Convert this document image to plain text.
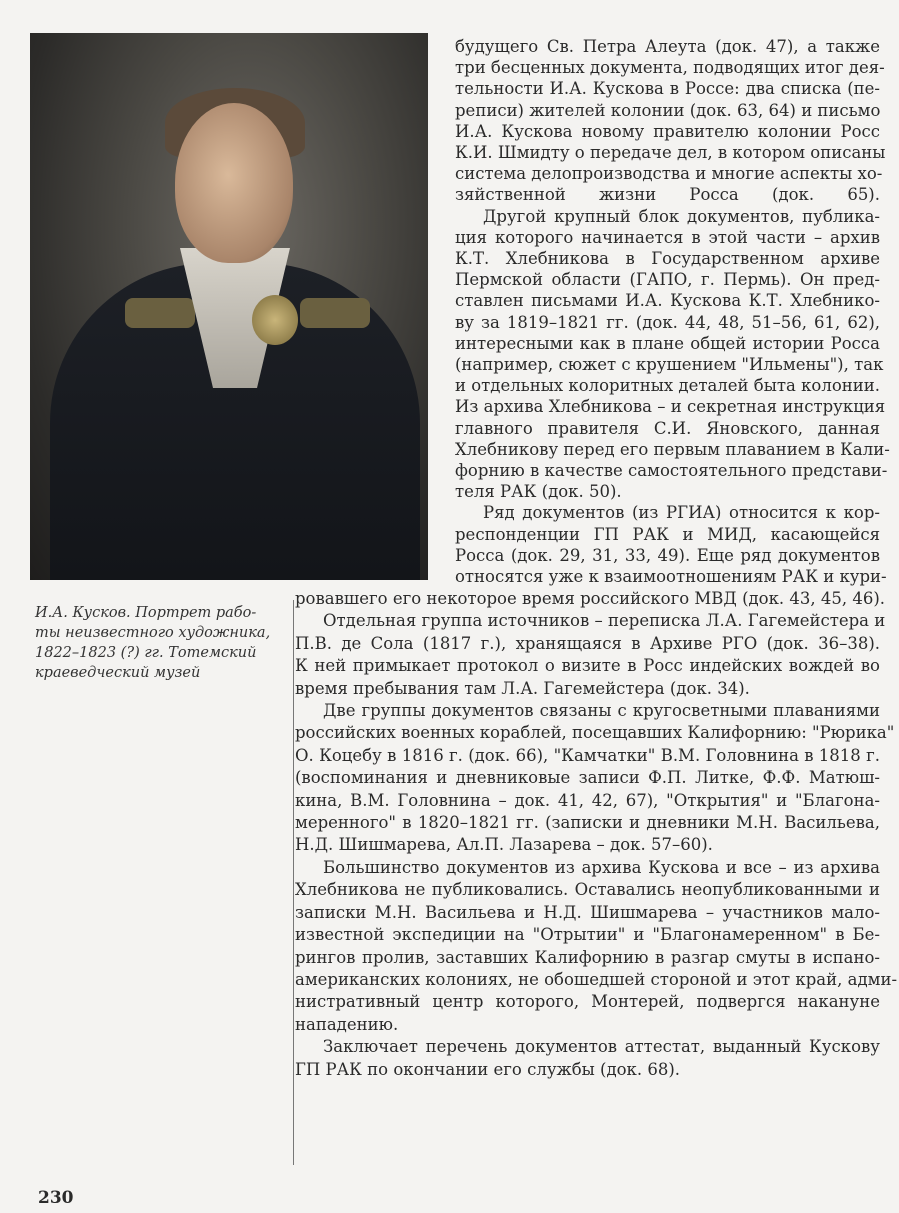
И.А. Кусков. Портрет рабо-
ты неизвестного художника,
1822–1823 (?) гг. Тотемский
краеведческий музей
будущего Св. Петра Алеута (док. 47), а также
три бесценных документа, подводящих итог дея-
тельности И.А. Кускова в Россе: два списка (пе-
реписи) жителей колонии (док. 63, 64) и письмо
И.А. Кускова новому правителю колонии Росс
К.И. Шмидту о передаче дел, в котором описаны
система делопроизводства и многие аспекты хо-
зяйственной жизни Росса (док. 65).
Другой крупный блок документов, публика-
ция которого начинается в этой части – архив
К.Т. Хлебникова в Государственном архиве
Пермской области (ГАПО, г. Пермь). Он пред-
ставлен письмами И.А. Кускова К.Т. Хлебнико-
ву за 1819–1821 гг. (док. 44, 48, 51–56, 61, 62),
интересными как в плане общей истории Росса
(например, сюжет с крушением "Ильмены"), так
и отдельных колоритных деталей быта колонии.
Из архива Хлебникова – и секретная инструкция
главного правителя С.И. Яновского, данная
Хлебникову перед его первым плаванием в Кали-
форнию в качестве самостоятельного представи-
теля РАК (док. 50).
Ряд документов (из РГИА) относится к кор-
респонденции ГП РАК и МИД, касающейся
Росса (док. 29, 31, 33, 49). Еще ряд документов
относятся уже к взаимоотношениям РАК и кури-
ровавшего его некоторое время российского МВД (док. 43, 45, 46).
Отдельная группа источников – переписка Л.А. Гагемейстера и
П.В. де Сола (1817 г.), хранящаяся в Архиве РГО (док. 36–38).
К ней примыкает протокол о визите в Росс индейских вождей во
время пребывания там Л.А. Гагемейстера (док. 34).
Две группы документов связаны с кругосветными плаваниями
российских военных кораблей, посещавших Калифорнию: "Рюрика"
О. Коцебу в 1816 г. (док. 66), "Камчатки" В.М. Головнина в 1818 г.
(воспоминания и дневниковые записи Ф.П. Литке, Ф.Ф. Матюш-
кина, В.М. Головнина – док. 41, 42, 67), "Открытия" и "Благона-
меренного" в 1820–1821 гг. (записки и дневники М.Н. Васильева,
Н.Д. Шишмарева, Ал.П. Лазарева – док. 57–60).
Большинство документов из архива Кускова и все – из архива
Хлебникова не публиковались. Оставались неопубликованными и
записки М.Н. Васильева и Н.Д. Шишмарева – участников мало-
известной экспедиции на "Отрытии" и "Благонамеренном" в Бе-
рингов пролив, заставших Калифорнию в разгар смуты в испано-
американских колониях, не обошедшей стороной и этот край, адми-
нистративный центр которого, Монтерей, подвергся накануне
нападению.
Заключает перечень документов аттестат, выданный Кускову
ГП РАК по окончании его службы (док. 68).
230
